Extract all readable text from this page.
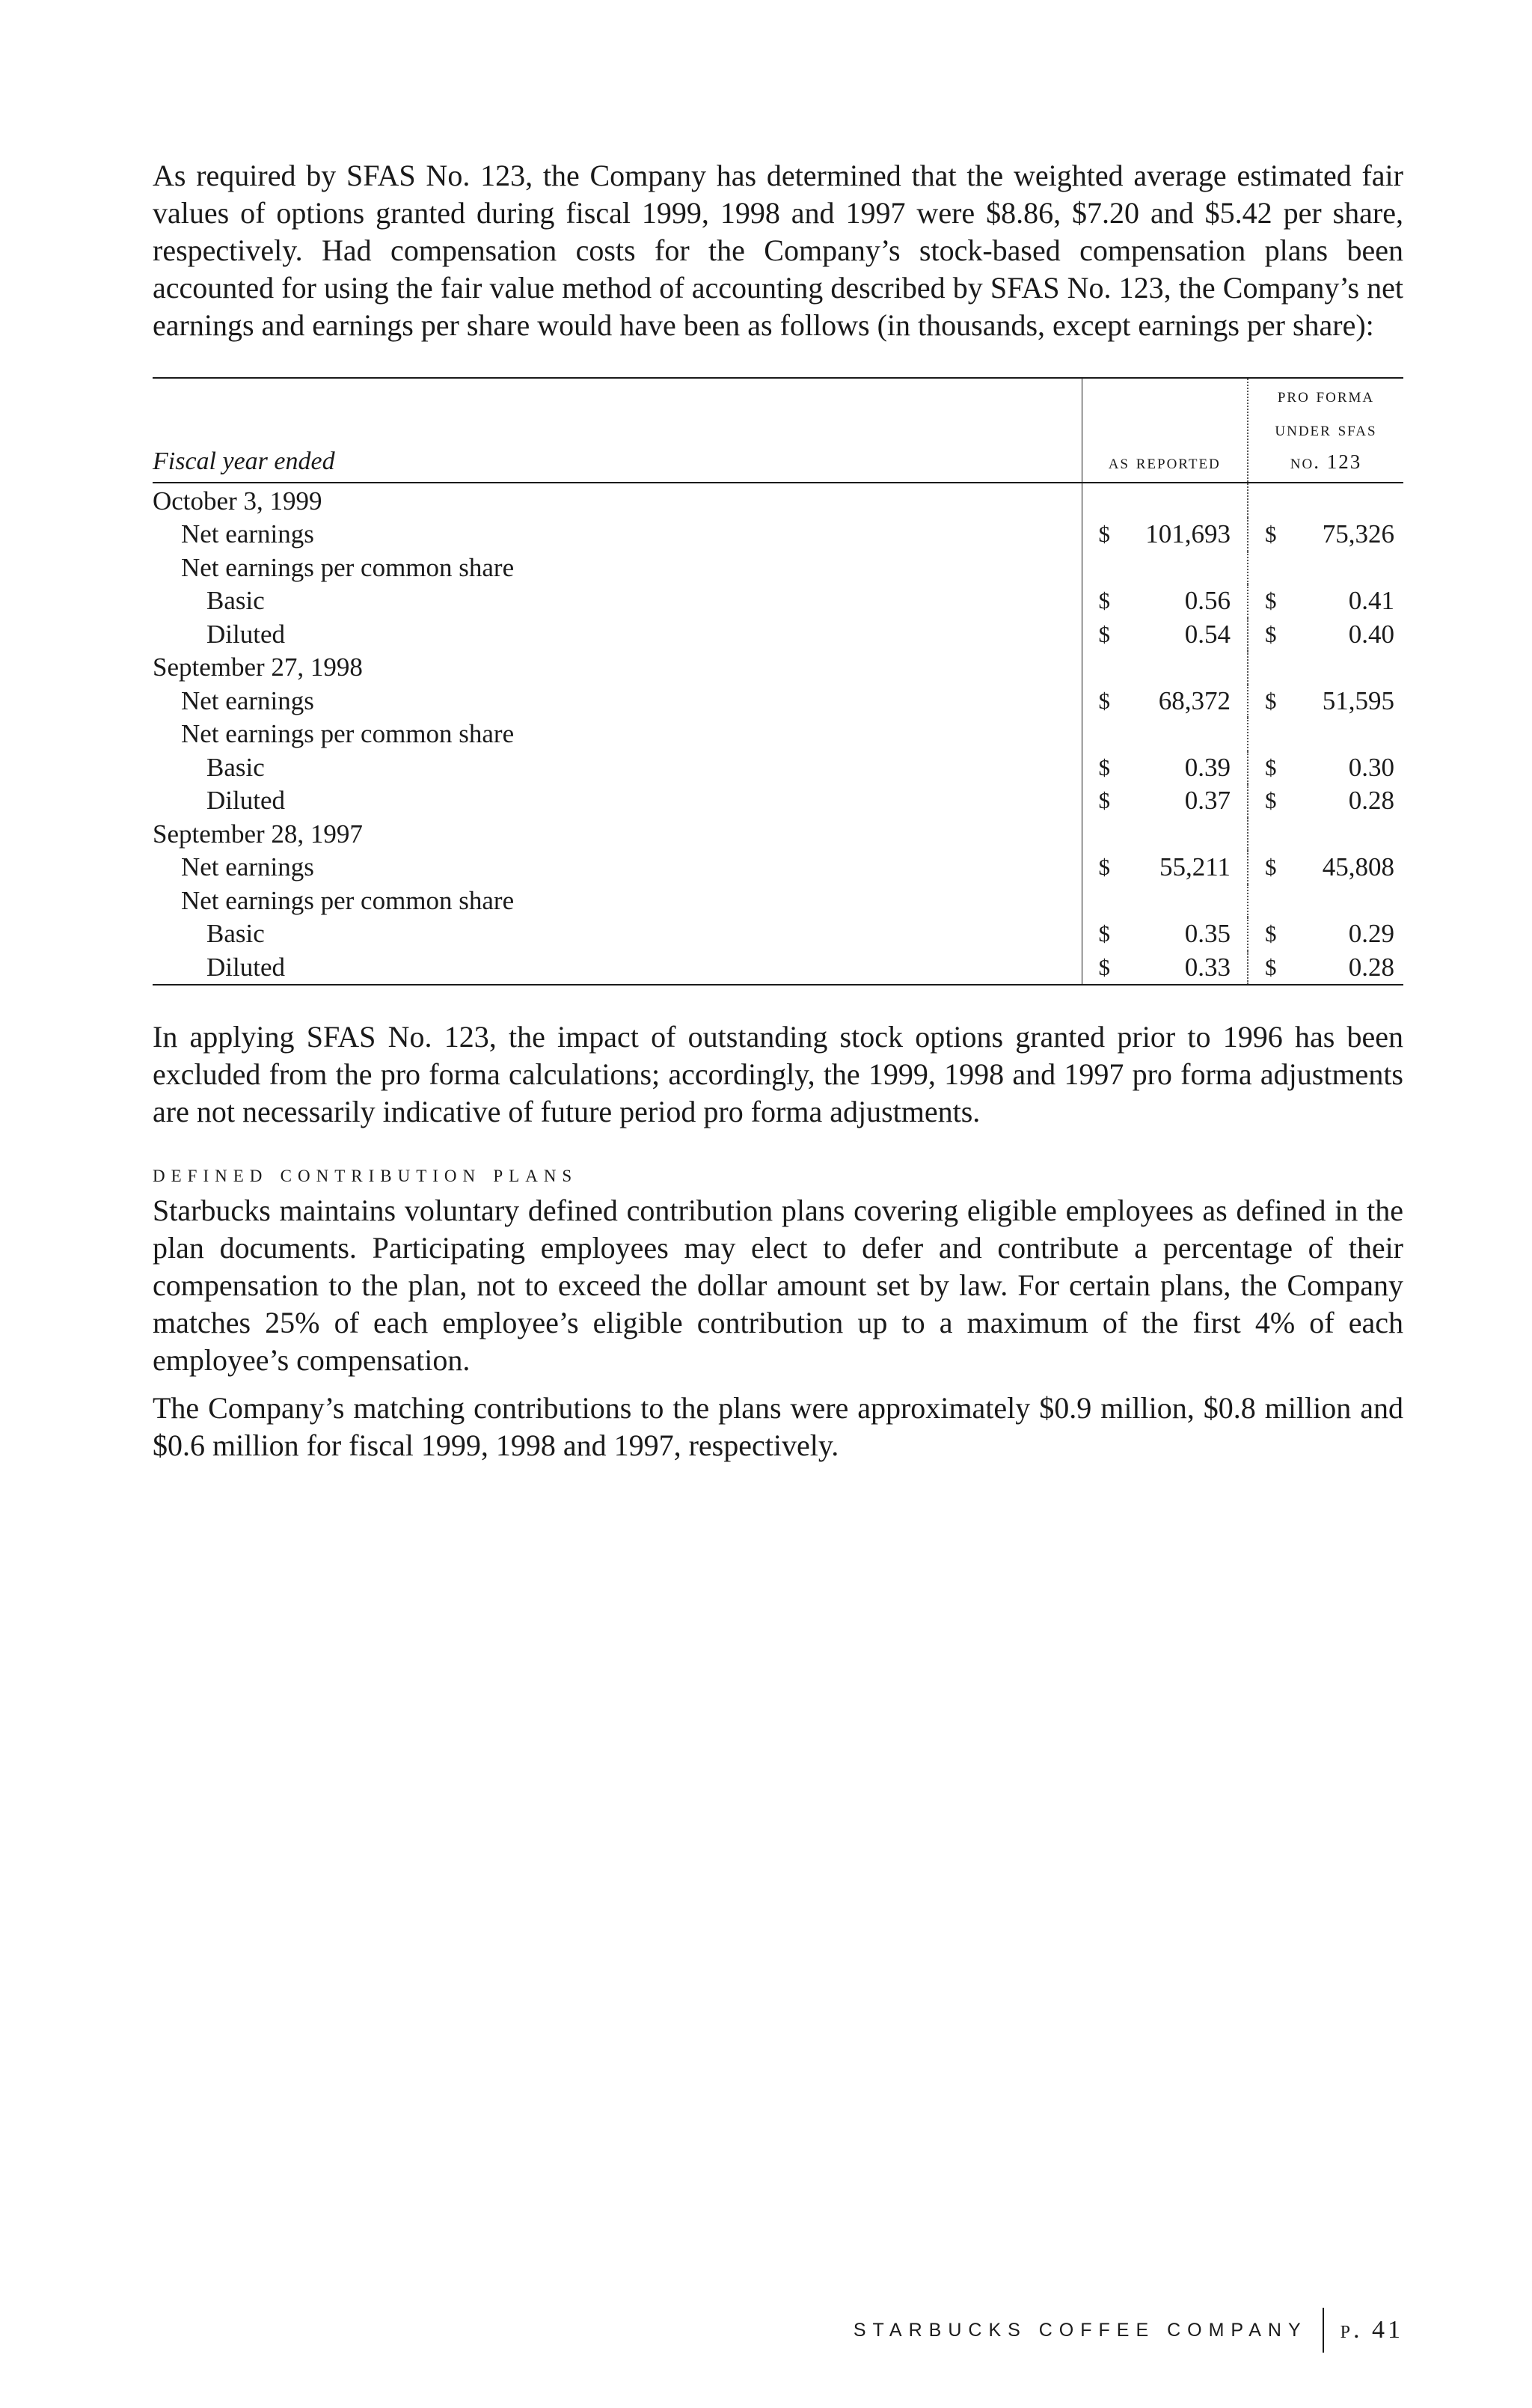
As required by SFAS No. 123, the Company has determined that the weighted average estimated fair values of options granted during fiscal 1999, 1998 and 1997 were $8.86, $7.20 and $5.42 per share, respectively. Had compensation costs for the Company’s stock-based compensation plans been accounted for using the fair value method of accounting described by SFAS No. 123, the Company’s net earnings and earnings per share would have been as follows (in thousands, except earnings per share):

Fiscal year ended	as reported	pro forma
under sfas
no. 123

October 3, 1999		
Net earnings	$ 101,693	$ 75,326

Net earnings per common share		
Basic	$ 0.56	$ 0.41

Diluted	$ 0.54	$ 0.40

September 27, 1998		
Net earnings	$ 68,372	$ 51,595

Net earnings per common share		
Basic	$ 0.39	$ 0.30

Diluted	$ 0.37	$ 0.28

September 28, 1997		
Net earnings	$ 55,211	$ 45,808

Net earnings per common share		
Basic	$ 0.35	$ 0.29

Diluted	$ 0.33	$ 0.28

In applying SFAS No. 123, the impact of outstanding stock options granted prior to 1996 has been excluded from the pro forma calculations; accordingly, the 1999, 1998 and 1997 pro forma adjustments are not necessarily indicative of future period pro forma adjustments.

defined contribution plans

Starbucks maintains voluntary defined contribution plans covering eligible employees as defined in the plan documents. Participating employees may elect to defer and contribute a percentage of their compensation to the plan, not to exceed the dollar amount set by law. For certain plans, the Company matches 25% of each employee’s eligible contribution up to a maximum of the first 4% of each employee’s compensation.

The Company’s matching contributions to the plans were approximately $0.9 million, $0.8 million and $0.6 million for fiscal 1999, 1998 and 1997, respectively.

STARBUCKS COFFEE COMPANY	p. 41
